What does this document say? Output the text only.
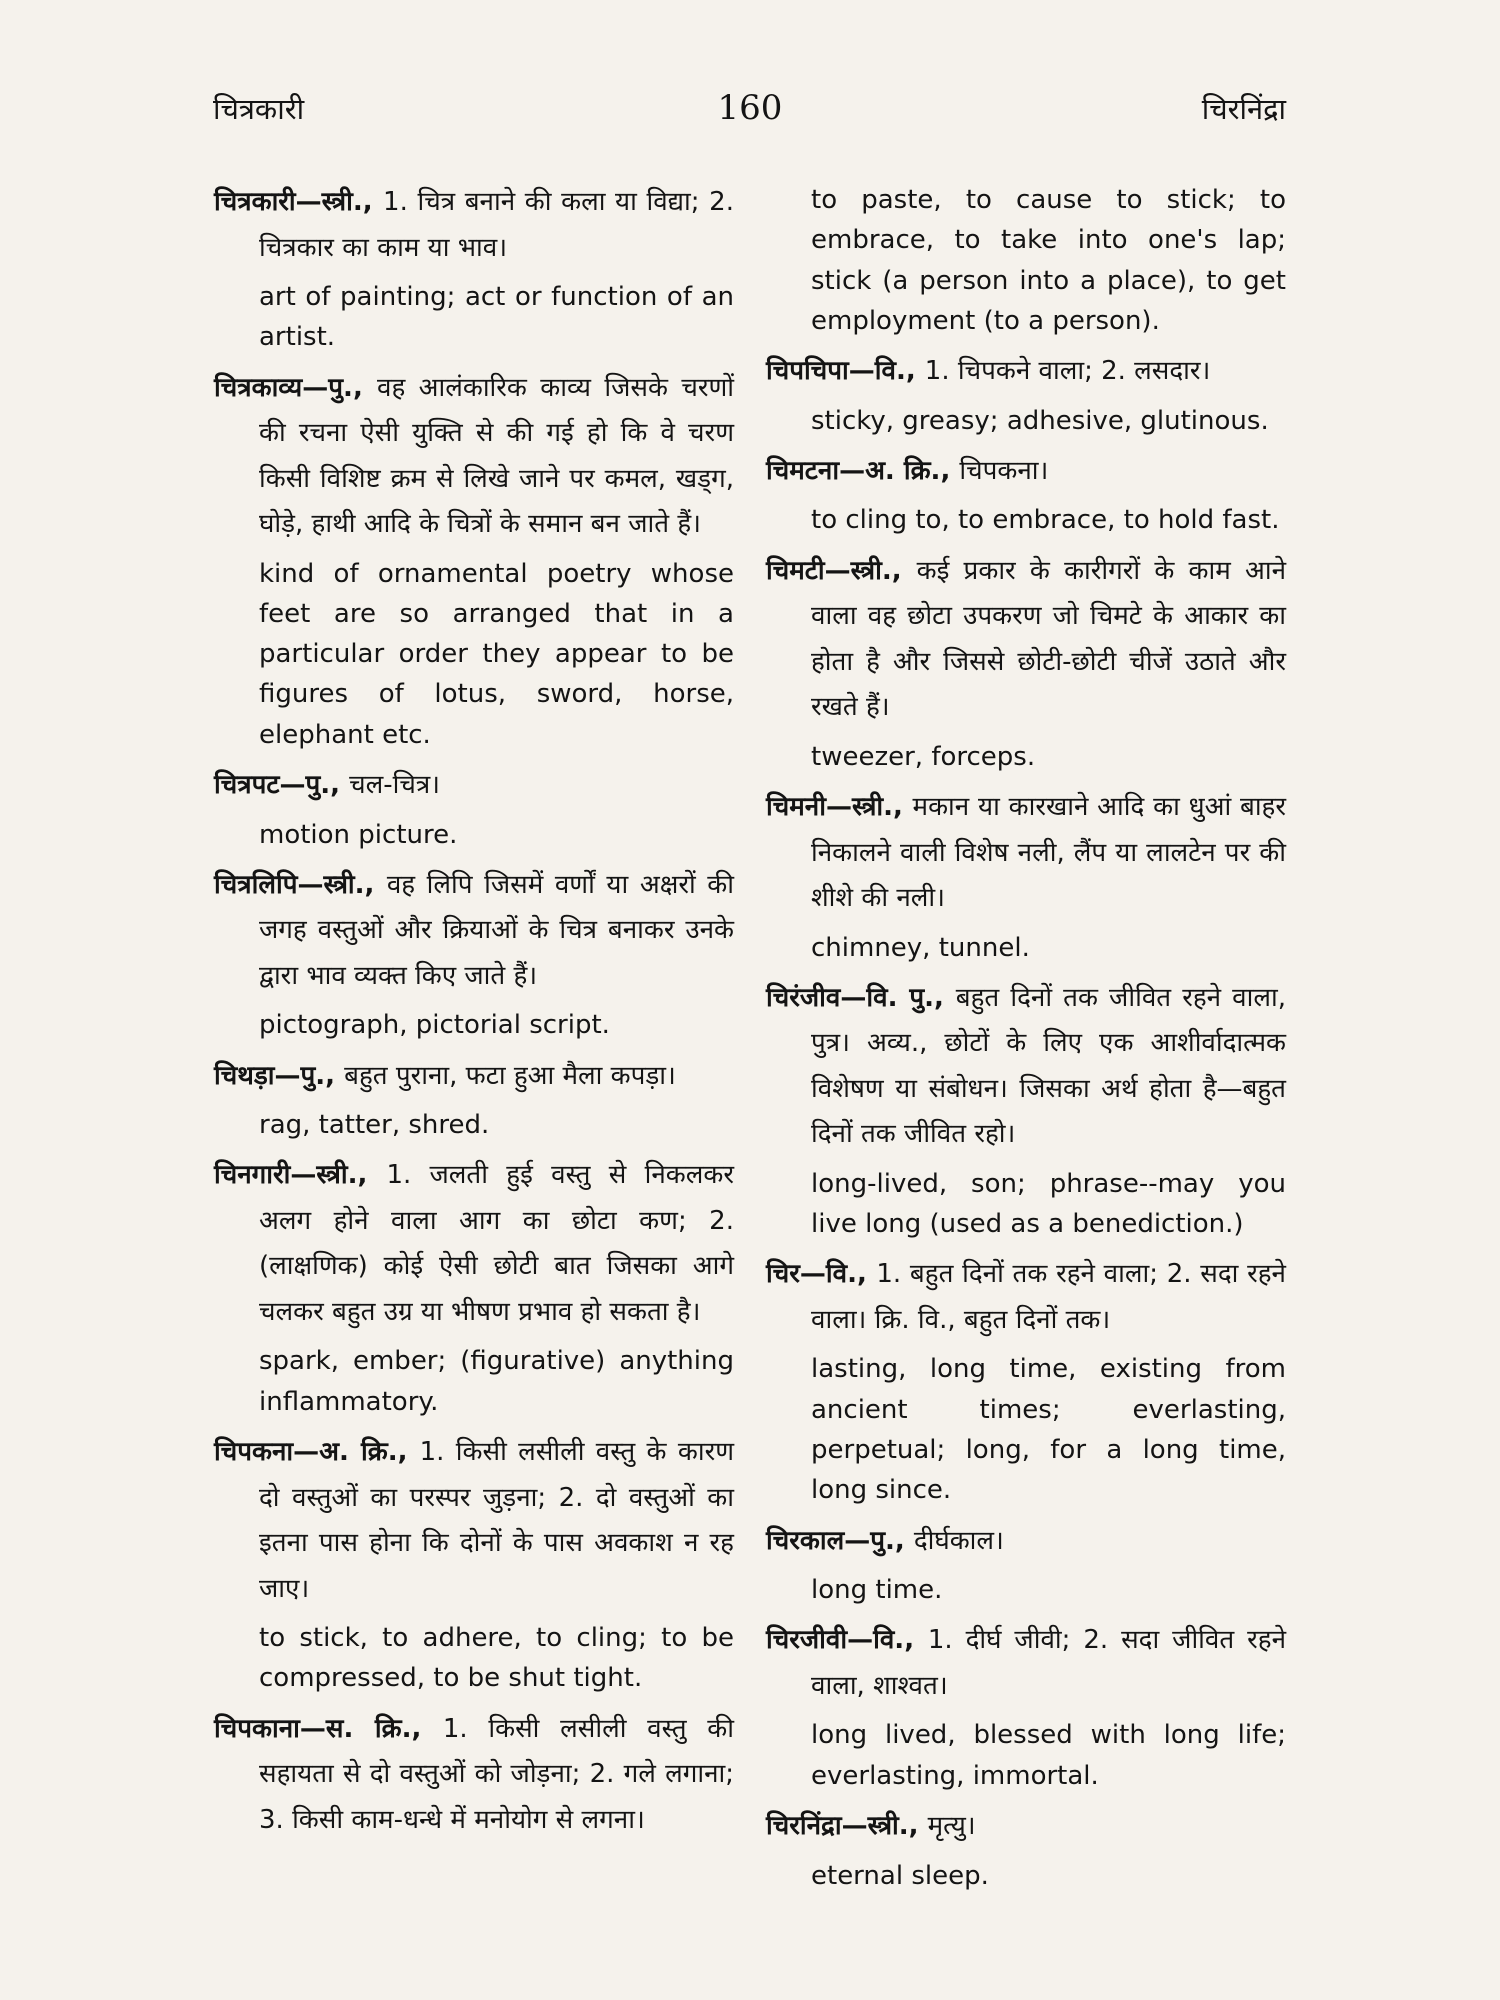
चित्रकारी	160	चिरनिंद्रा
चित्रकारी—स्त्री., 1. चित्र बनाने की कला या विद्या; 2. चित्रकार का काम या भाव।
art of painting; act or function of an artist.
चित्रकाव्य—पु., वह आलंकारिक काव्य जिसके चरणों की रचना ऐसी युक्ति से की गई हो कि वे चरण किसी विशिष्ट क्रम से लिखे जाने पर कमल, खड्ग, घोड़े, हाथी आदि के चित्रों के समान बन जाते हैं।
kind of ornamental poetry whose feet are so arranged that in a particular order they appear to be figures of lotus, sword, horse, elephant etc.
चित्रपट—पु., चल-चित्र।
motion picture.
चित्रलिपि—स्त्री., वह लिपि जिसमें वर्णों या अक्षरों की जगह वस्तुओं और क्रियाओं के चित्र बनाकर उनके द्वारा भाव व्यक्त किए जाते हैं।
pictograph, pictorial script.
चिथड़ा—पु., बहुत पुराना, फटा हुआ मैला कपड़ा।
rag, tatter, shred.
चिनगारी—स्त्री., 1. जलती हुई वस्तु से निकलकर अलग होने वाला आग का छोटा कण; 2. (लाक्षणिक) कोई ऐसी छोटी बात जिसका आगे चलकर बहुत उग्र या भीषण प्रभाव हो सकता है।
spark, ember; (figurative) anything inflammatory.
चिपकना—अ. क्रि., 1. किसी लसीली वस्तु के कारण दो वस्तुओं का परस्पर जुड़ना; 2. दो वस्तुओं का इतना पास होना कि दोनों के पास अवकाश न रह जाए।
to stick, to adhere, to cling; to be compressed, to be shut tight.
चिपकाना—स. क्रि., 1. किसी लसीली वस्तु की सहायता से दो वस्तुओं को जोड़ना; 2. गले लगाना; 3. किसी काम-धन्धे में मनोयोग से लगना।
to paste, to cause to stick; to embrace, to take into one's lap; stick (a person into a place), to get employment (to a person).
चिपचिपा—वि., 1. चिपकने वाला; 2. लसदार।
sticky, greasy; adhesive, glutinous.
चिमटना—अ. क्रि., चिपकना।
to cling to, to embrace, to hold fast.
चिमटी—स्त्री., कई प्रकार के कारीगरों के काम आने वाला वह छोटा उपकरण जो चिमटे के आकार का होता है और जिससे छोटी-छोटी चीजें उठाते और रखते हैं।
tweezer, forceps.
चिमनी—स्त्री., मकान या कारखाने आदि का धुआं बाहर निकालने वाली विशेष नली, लैंप या लालटेन पर की शीशे की नली।
chimney, tunnel.
चिरंजीव—वि. पु., बहुत दिनों तक जीवित रहने वाला, पुत्र। अव्य., छोटों के लिए एक आशीर्वादात्मक विशेषण या संबोधन। जिसका अर्थ होता है—बहुत दिनों तक जीवित रहो।
long-lived, son; phrase--may you live long (used as a benediction.)
चिर—वि., 1. बहुत दिनों तक रहने वाला; 2. सदा रहने वाला। क्रि. वि., बहुत दिनों तक।
lasting, long time, existing from ancient times; everlasting, perpetual; long, for a long time, long since.
चिरकाल—पु., दीर्घकाल।
long time.
चिरजीवी—वि., 1. दीर्घ जीवी; 2. सदा जीवित रहने वाला, शाश्वत।
long lived, blessed with long life; everlasting, immortal.
चिरनिंद्रा—स्त्री., मृत्यु।
eternal sleep.
